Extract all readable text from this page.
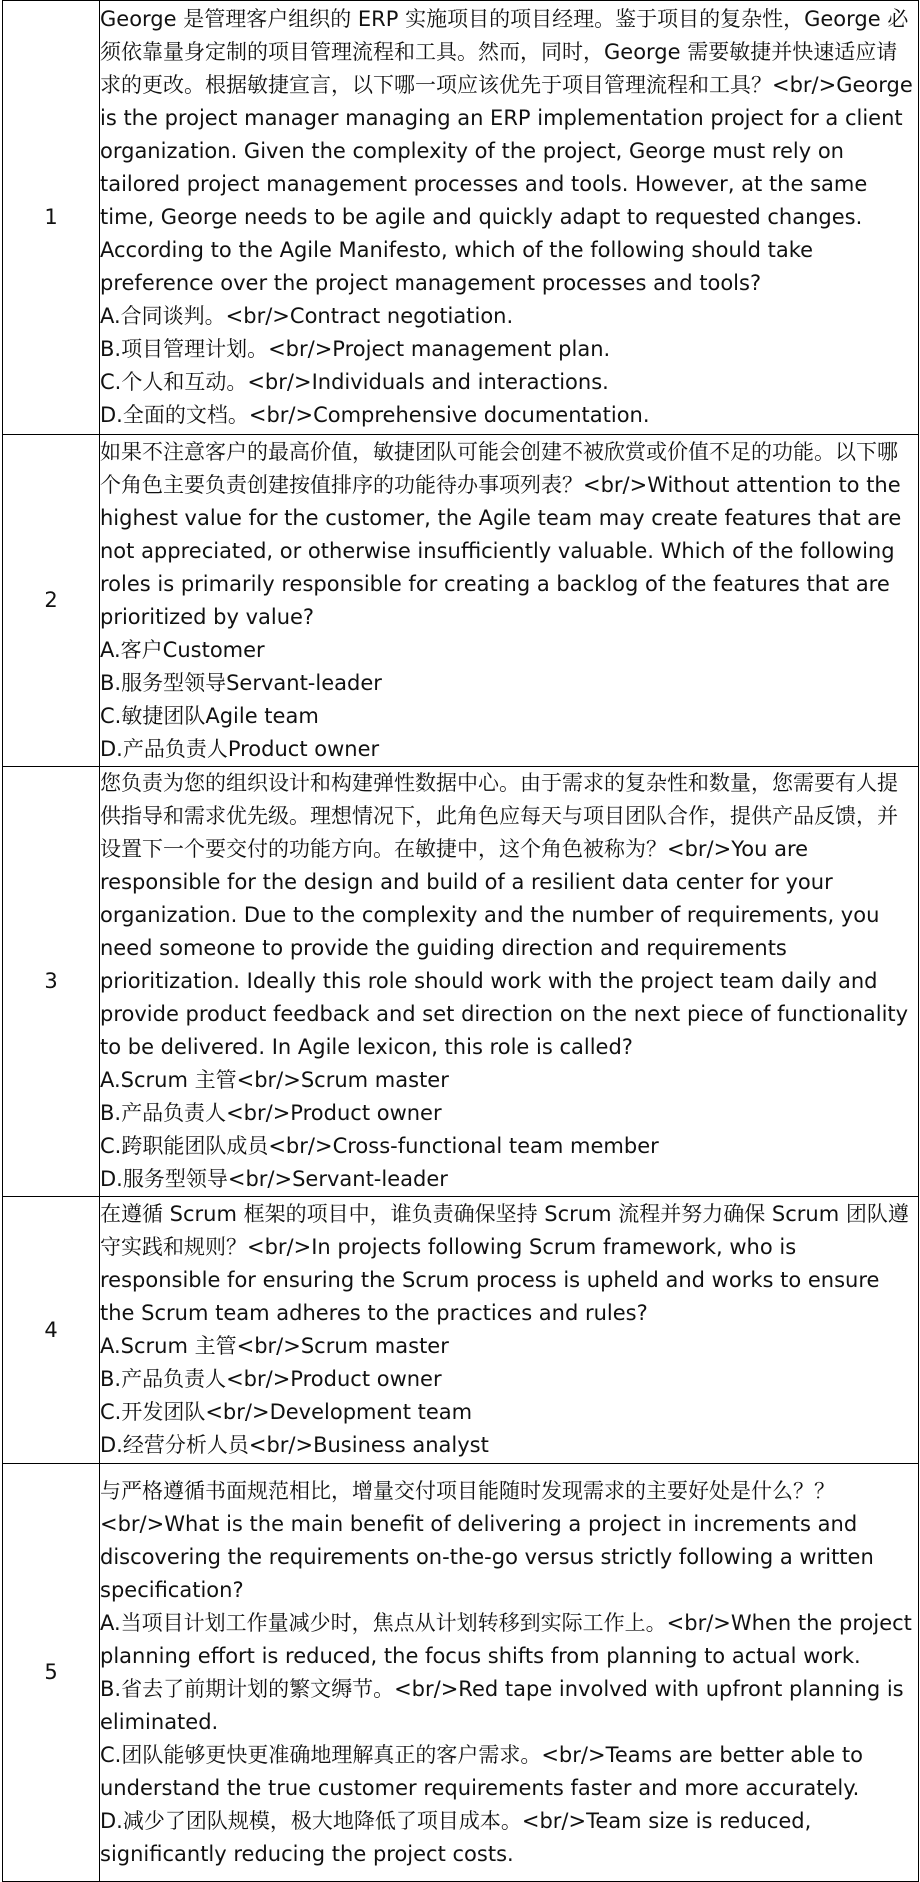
1	George 是管理客户组织的 ERP 实施项目的项目经理。鉴于项目的复杂性，George 必须依靠量身定制的项目管理流程和工具。然而，同时，George 需要敏捷并快速适应请求的更改。根据敏捷宣言，以下哪一项应该优先于项目管理流程和工具？<br/>George is the project manager managing an ERP implementation project for a client organization. Given the complexity of the project, George must rely on tailored project management processes and tools. However, at the same time, George needs to be agile and quickly adapt to requested changes. According to the Agile Manifesto, which of the following should take preference over the project management processes and tools?
A.合同谈判。<br/>Contract negotiation.
B.项目管理计划。<br/>Project management plan.
C.个人和互动。<br/>Individuals and interactions.
D.全面的文档。<br/>Comprehensive documentation.

2	如果不注意客户的最高价值，敏捷团队可能会创建不被欣赏或价值不足的功能。以下哪个角色主要负责创建按值排序的功能待办事项列表？<br/>Without attention to the highest value for the customer, the Agile team may create features that are not appreciated, or otherwise insufficiently valuable. Which of the following roles is primarily responsible for creating a backlog of the features that are prioritized by value?
A.客户Customer
B.服务型领导Servant-leader
C.敏捷团队Agile team
D.产品负责人Product owner

3	您负责为您的组织设计和构建弹性数据中心。由于需求的复杂性和数量，您需要有人提供指导和需求优先级。理想情况下，此角色应每天与项目团队合作，提供产品反馈，并设置下一个要交付的功能方向。在敏捷中，这个角色被称为？<br/>You are responsible for the design and build of a resilient data center for your organization. Due to the complexity and the number of requirements, you need someone to provide the guiding direction and requirements prioritization. Ideally this role should work with the project team daily and provide product feedback and set direction on the next piece of functionality to be delivered. In Agile lexicon, this role is called?
A.Scrum 主管<br/>Scrum master
B.产品负责人<br/>Product owner
C.跨职能团队成员<br/>Cross-functional team member
D.服务型领导<br/>Servant-leader

4	在遵循 Scrum 框架的项目中，谁负责确保坚持 Scrum 流程并努力确保 Scrum 团队遵守实践和规则？<br/>In projects following Scrum framework, who is responsible for ensuring the Scrum process is upheld and works to ensure the Scrum team adheres to the practices and rules?
A.Scrum 主管<br/>Scrum master
B.产品负责人<br/>Product owner
C.开发团队<br/>Development team
D.经营分析人员<br/>Business analyst

5	与严格遵循书面规范相比，增量交付项目能随时发现需求的主要好处是什么？？<br/>What is the main benefit of delivering a project in increments and discovering the requirements on-the-go versus strictly following a written specification?
A.当项目计划工作量减少时，焦点从计划转移到实际工作上。<br/>When the project planning effort is reduced, the focus shifts from planning to actual work.
B.省去了前期计划的繁文缛节。<br/>Red tape involved with upfront planning is eliminated.
C.团队能够更快更准确地理解真正的客户需求。<br/>Teams are better able to understand the true customer requirements faster and more accurately.
D.减少了团队规模，极大地降低了项目成本。<br/>Team size is reduced, significantly reducing the project costs.
